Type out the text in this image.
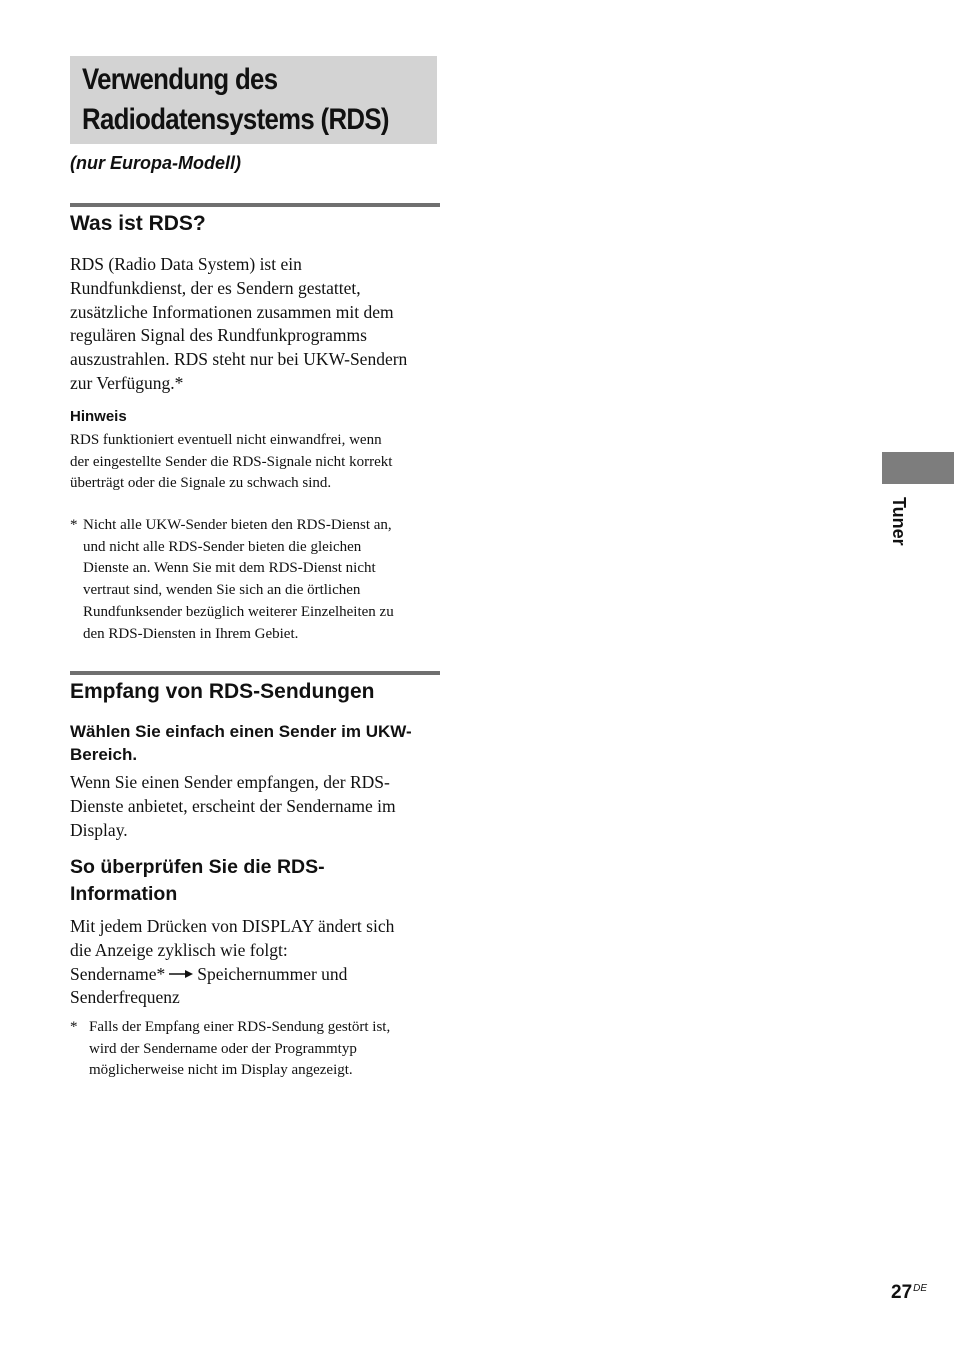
Verwendung des
Radiodatensystems (RDS)
(nur Europa-Modell)
Was ist RDS?

RDS (Radio Data System) ist ein
Rundfunkdienst, der es Sendern gestattet,
zusätzliche Informationen zusammen mit dem
regulären Signal des Rundfunkprogramms
auszustrahlen. RDS steht nur bei UKW-Sendern
zur Verfügung.*

Hinweis

RDS funktioniert eventuell nicht einwandfrei, wenn
der eingestellte Sender die RDS-Signale nicht korrekt
überträgt oder die Signale zu schwach sind.

* Nicht alle UKW-Sender bieten den RDS-Dienst an,
und nicht alle RDS-Sender bieten die gleichen
Dienste an. Wenn Sie mit dem RDS-Dienst nicht
vertraut sind, wenden Sie sich an die örtlichen
Rundfunksender bezüglich weiterer Einzelheiten zu
den RDS-Diensten in Ihrem Gebiet.
Empfang von RDS-Sendungen
Wählen Sie einfach einen Sender im UKW-
Bereich.

Wenn Sie einen Sender empfangen, der RDS-
Dienste anbietet, erscheint der Sendername im
Display.

So überprüfen Sie die RDS-
Information

Mit jedem Drücken von DISPLAY ändert sich
die Anzeige zyklisch wie folgt:
Sendername* Speichernummer und
Senderfrequenz

* Falls der Empfang einer RDS-Sendung gestört ist,
wird der Sendername oder der Programmtyp
möglicherweise nicht im Display angezeigt.
Tuner
27DE
